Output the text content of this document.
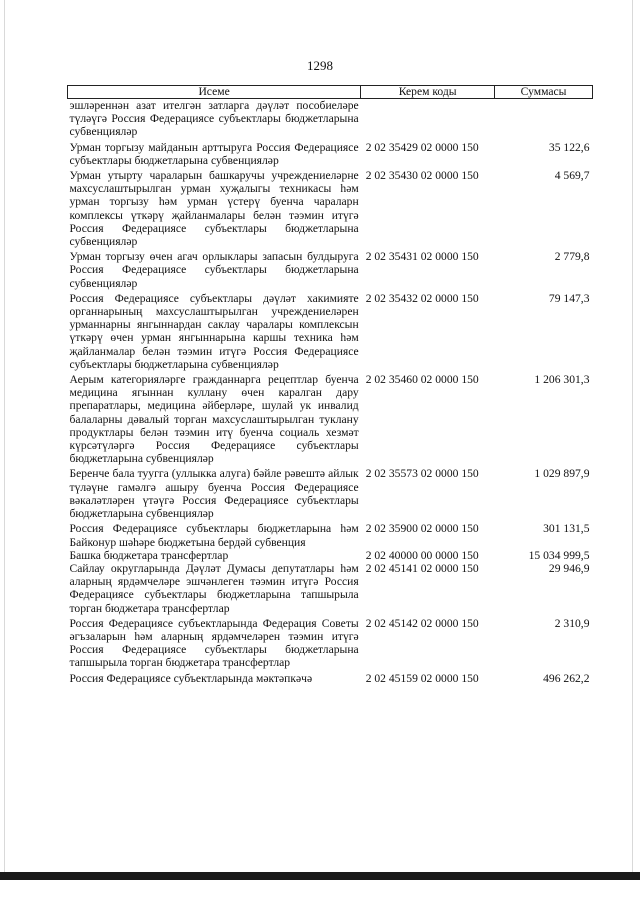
1298
Исеме	Керем коды	Суммасы
эшләреннән азат ителгән затларга дәүләт пособиеләре түләүгә Россия Федерациясе субъектлары бюджетларына субвенцияләр		
Урман торгызу майданын арттыруга Россия Федерациясе субъектлары бюджетларына субвенцияләр	2 02 35429 02 0000 150	35 122,6
Урман утырту чараларын башкаручы учреждениеләрне махсуслаштырылган урман хуҗалыгы техникасы һәм урман торгызу һәм урман үстерү буенча чараларн комплексы үткәрү җайланмалары белән тәэмин итүгә Россия Федерациясе субъектлары бюджетларына субвенцияләр	2 02 35430 02 0000 150	4 569,7
Урман торгызу өчен агач орлыклары запасын булдыруга Россия Федерациясе субъектлары бюджетларына субвенцияләр	2 02 35431 02 0000 150	2 779,8
Россия Федерациясе субъектлары дәүләт хакимияте органнарының махсуслаштырылган учреждениеләрен урманнарны янгыннардан саклау чаралары комплексын үткәрү өчен урман янгыннарына каршы техника һәм җайланмалар белән тәэмин итүгә Россия Федерациясе субъектлары бюджетларына субвенцияләр	2 02 35432 02 0000 150	79 147,3
Аерым категорияләрге гражданнарга рецептлар буенча медицина ягыннан куллану өчен каралган дару препаратлары, медицина әйберләре, шулай ук инвалид балаларны дәвалый торган махсуслаштырылган туклану продуктлары белән тәэмин итү буенча социаль хезмәт күрсәтүләргә Россия Федерациясе субъектлары бюджетларына субвенцияләр	2 02 35460 02 0000 150	1 206 301,3
Беренче бала туугга (уллыкка алуга) бәйле рәвештә айлык түләүне гамәлгә ашыру буенча Россия Федерациясе вәкаләтләрен үтәүгә Россия Федерациясе субъектлары бюджетларына субвенцияләр	2 02 35573 02 0000 150	1 029 897,9
Россия Федерациясе субъектлары бюджетларына һәм Байконур шәһәре бюджетына бердәй субвенция	2 02 35900 02 0000 150	301 131,5
Башка бюджетара трансфертлар	2 02 40000 00 0000 150	15 034 999,5
Сайлау округларында Дәүләт Думасы депутатлары һәм аларның ярдәмчеләре эшчәнлеген тәэмин итүгә Россия Федерациясе субъектлары бюджетларына тапшырыла торган бюджетара трансфертлар	2 02 45141 02 0000 150	29 946,9
Россия Федерациясе субъектларында Федерация Советы әгъзаларын һәм аларның ярдәмчеләрен тәэмин итүгә Россия Федерациясе субъектлары бюджетларына тапшырыла торган бюджетара трансфертлар	2 02 45142 02 0000 150	2 310,9
Россия Федерациясе субъектларында мәктәпкәчә	2 02 45159 02 0000 150	496 262,2
